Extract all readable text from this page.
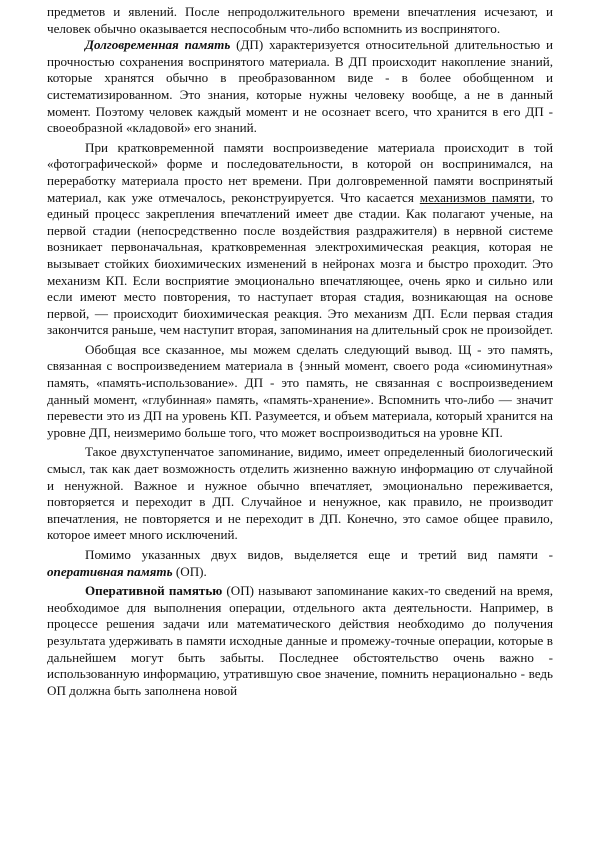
предметов и явлений. После непродолжительного времени впечатления исчезают, и человек обычно оказывается неспособным что-либо вспомнить из воспринятого.

Долговременная память (ДП) характеризуется относительной длительностью и прочностью сохранения воспринятого материала. В ДП происходит накопление знаний, которые хранятся обычно в преобразованном виде - в более обобщенном и систематизированном. Это знания, которые нужны человеку вообще, а не в данный момент. Поэтому человек каждый момент и не осознает всего, что хранится в его ДП - своеобразной «кладовой» его знаний.

При кратковременной памяти воспроизведение материала происходит в той «фотографической» форме и последовательности, в которой он воспринимался, на переработку материала просто нет времени. При долговременной памяти воспринятый материал, как уже отмечалось, реконструируется. Что касается механизмов памяти, то единый процесс закрепления впечатлений имеет две стадии. Как полагают ученые, на первой стадии (непосредственно после воздействия раздражителя) в нервной системе возникает первоначальная, кратковременная электрохимическая реакция, которая не вызывает стойких биохимических изменений в нейронах мозга и быстро проходит. Это механизм КП. Если восприятие эмоционально впечатляющее, очень ярко и сильно или если имеют место повторения, то наступает вторая стадия, возникающая на основе первой, — происходит биохимическая реакция. Это механизм ДП. Если первая стадия закончится раньше, чем наступит вторая, запоминания на длительный срок не произойдет.

Обобщая все сказанное, мы можем сделать следующий вывод. Щ - это память, связанная с воспроизведением материала в {энный момент, своего рода «сиюминутная» память, «память-использование». ДП - это память, не связанная с воспроизведением данный момент, «глубинная» память, «память-хранение». Вспомнить что-либо — значит перевести это из ДП на уровень КП. Разумеется, и объем материала, который хранится на уровне ДП, неизмеримо больше того, что может воспроизводиться на уровне КП.

Такое двухступенчатое запоминание, видимо, имеет определенный биологический смысл, так как дает возможность отделить жизненно важную информацию от случайной и ненужной. Важное и нужное обычно впечатляет, эмоционально переживается, повторяется и переходит в ДП. Случайное и ненужное, как правило, не производит впечатления, не повторяется и не переходит в ДП. Конечно, это самое общее правило, которое имеет много исключений.

Помимо указанных двух видов, выделяется еще и третий вид памяти - оперативная память (ОП).

Оперативной памятью (ОП) называют запоминание каких-то сведений на время, необходимое для выполнения операции, отдельного акта деятельности. Например, в процессе решения задачи или математического действия необходимо до получения результата удерживать в памяти исходные данные и промежу-точные операции, которые в дальнейшем могут быть забыты. Последнее обстоятельство очень важно - использованную информацию, утратившую свое значение, помнить нерационально - ведь ОП должна быть заполнена новой
